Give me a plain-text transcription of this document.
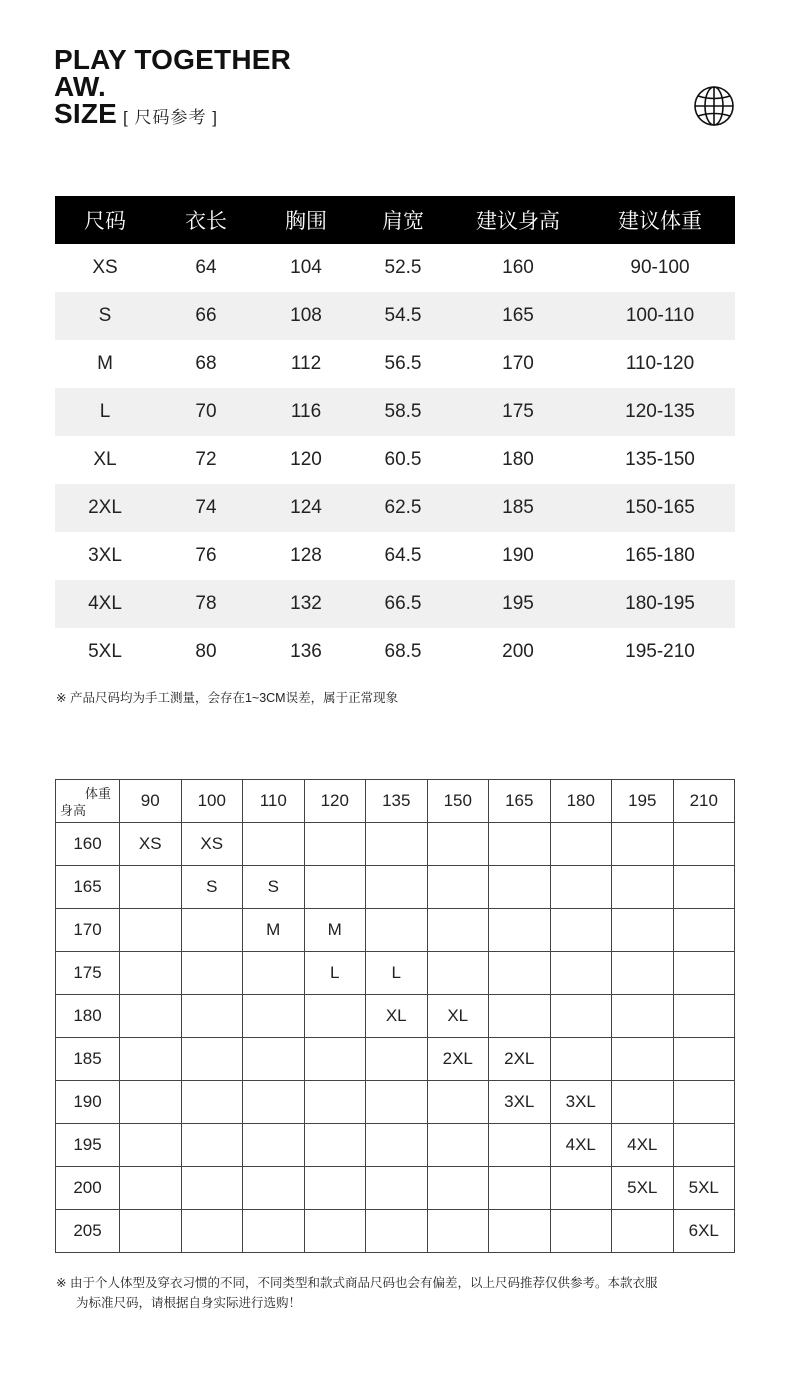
PLAY TOGETHER
AW.
SIZE [ 尺码参考 ]
尺码	衣长	胸围	肩宽	建议身高	建议体重
XS	64	104	52.5	160	90-100
S	66	108	54.5	165	100-110
M	68	112	56.5	170	110-120
L	70	116	58.5	175	120-135
XL	72	120	60.5	180	135-150
2XL	74	124	62.5	185	150-165
3XL	76	128	64.5	190	165-180
4XL	78	132	66.5	195	180-195
5XL	80	136	68.5	200	195-210
※ 产品尺码均为手工测量，会存在1~3CM误差，属于正常现象
体重
身高	90	100	110	120	135	150	165	180	195	210
160	XS	XS								
165		S	S							
170			M	M						
175				L	L					
180					XL	XL				
185						2XL	2XL			
190							3XL	3XL		
195								4XL	4XL	
200									5XL	5XL
205										6XL
※ 由于个人体型及穿衣习惯的不同，不同类型和款式商品尺码也会有偏差，以上尺码推荐仅供参考。本款衣服
为标准尺码，请根据自身实际进行选购！
